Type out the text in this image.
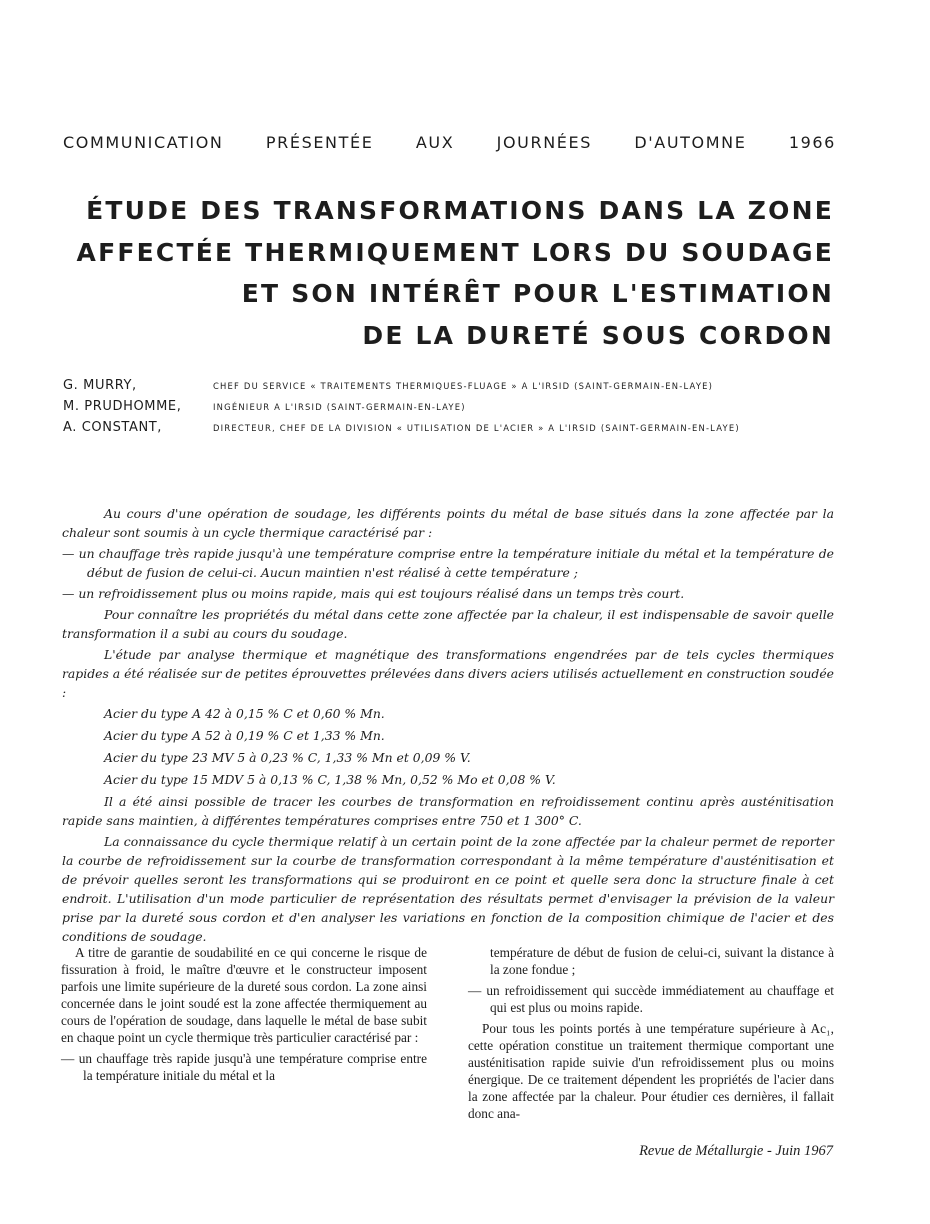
COMMUNICATION	PRÉSENTÉE	AUX	JOURNÉES	D'AUTOMNE	1966
ÉTUDE DES TRANSFORMATIONS DANS LA ZONE
AFFECTÉE THERMIQUEMENT LORS DU SOUDAGE
ET SON INTÉRÊT POUR L'ESTIMATION
DE LA DURETÉ SOUS CORDON
G. MURRY,	CHEF DU SERVICE « TRAITEMENTS THERMIQUES-FLUAGE » A L'IRSID (SAINT-GERMAIN-EN-LAYE)
M. PRUDHOMME,	INGÉNIEUR A L'IRSID (SAINT-GERMAIN-EN-LAYE)
A. CONSTANT,	DIRECTEUR, CHEF DE LA DIVISION « UTILISATION DE L'ACIER » A L'IRSID (SAINT-GERMAIN-EN-LAYE)

Au cours d'une opération de soudage, les différents points du métal de base situés dans la zone affectée par la chaleur sont soumis à un cycle thermique caractérisé par :

— un chauffage très rapide jusqu'à une température comprise entre la température initiale du métal et la température de début de fusion de celui-ci. Aucun maintien n'est réalisé à cette température ;

— un refroidissement plus ou moins rapide, mais qui est toujours réalisé dans un temps très court.

Pour connaître les propriétés du métal dans cette zone affectée par la chaleur, il est indispensable de savoir quelle transformation il a subi au cours du soudage.

L'étude par analyse thermique et magnétique des transformations engendrées par de tels cycles thermiques rapides a été réalisée sur de petites éprouvettes prélevées dans divers aciers utilisés actuellement en construction soudée :

Acier du type A 42 à 0,15 % C et 0,60 % Mn.

Acier du type A 52 à 0,19 % C et 1,33 % Mn.

Acier du type 23 MV 5 à 0,23 % C, 1,33 % Mn et 0,09 % V.

Acier du type 15 MDV 5 à 0,13 % C, 1,38 % Mn, 0,52 % Mo et 0,08 % V.

Il a été ainsi possible de tracer les courbes de transformation en refroidissement continu après austénitisation rapide sans maintien, à différentes températures comprises entre 750 et 1 300° C.

La connaissance du cycle thermique relatif à un certain point de la zone affectée par la chaleur permet de reporter la courbe de refroidissement sur la courbe de transformation correspondant à la même température d'austénitisation et de prévoir quelles seront les transformations qui se produiront en ce point et quelle sera donc la structure finale à cet endroit. L'utilisation d'un mode particulier de représentation des résultats permet d'envisager la prévision de la valeur prise par la dureté sous cordon et d'en analyser les variations en fonction de la composition chimique de l'acier et des conditions de soudage.

A titre de garantie de soudabilité en ce qui concerne le risque de fissuration à froid, le maître d'œuvre et le constructeur imposent parfois une limite supérieure de la dureté sous cordon. La zone ainsi concernée dans le joint soudé est la zone affectée thermiquement au cours de l'opération de soudage, dans laquelle le métal de base subit en chaque point un cycle thermique très particulier caractérisé par :

— un chauffage très rapide jusqu'à une température comprise entre la température initiale du métal et la

température de début de fusion de celui-ci, suivant la distance à la zone fondue ;

— un refroidissement qui succède immédiatement au chauffage et qui est plus ou moins rapide.

Pour tous les points portés à une température supérieure à Ac₁, cette opération constitue un traitement thermique comportant une austénitisation rapide suivie d'un refroidissement plus ou moins énergique. De ce traitement dépendent les propriétés de l'acier dans la zone affectée par la chaleur. Pour étudier ces dernières, il fallait donc ana-

Revue de Métallurgie - Juin 1967
